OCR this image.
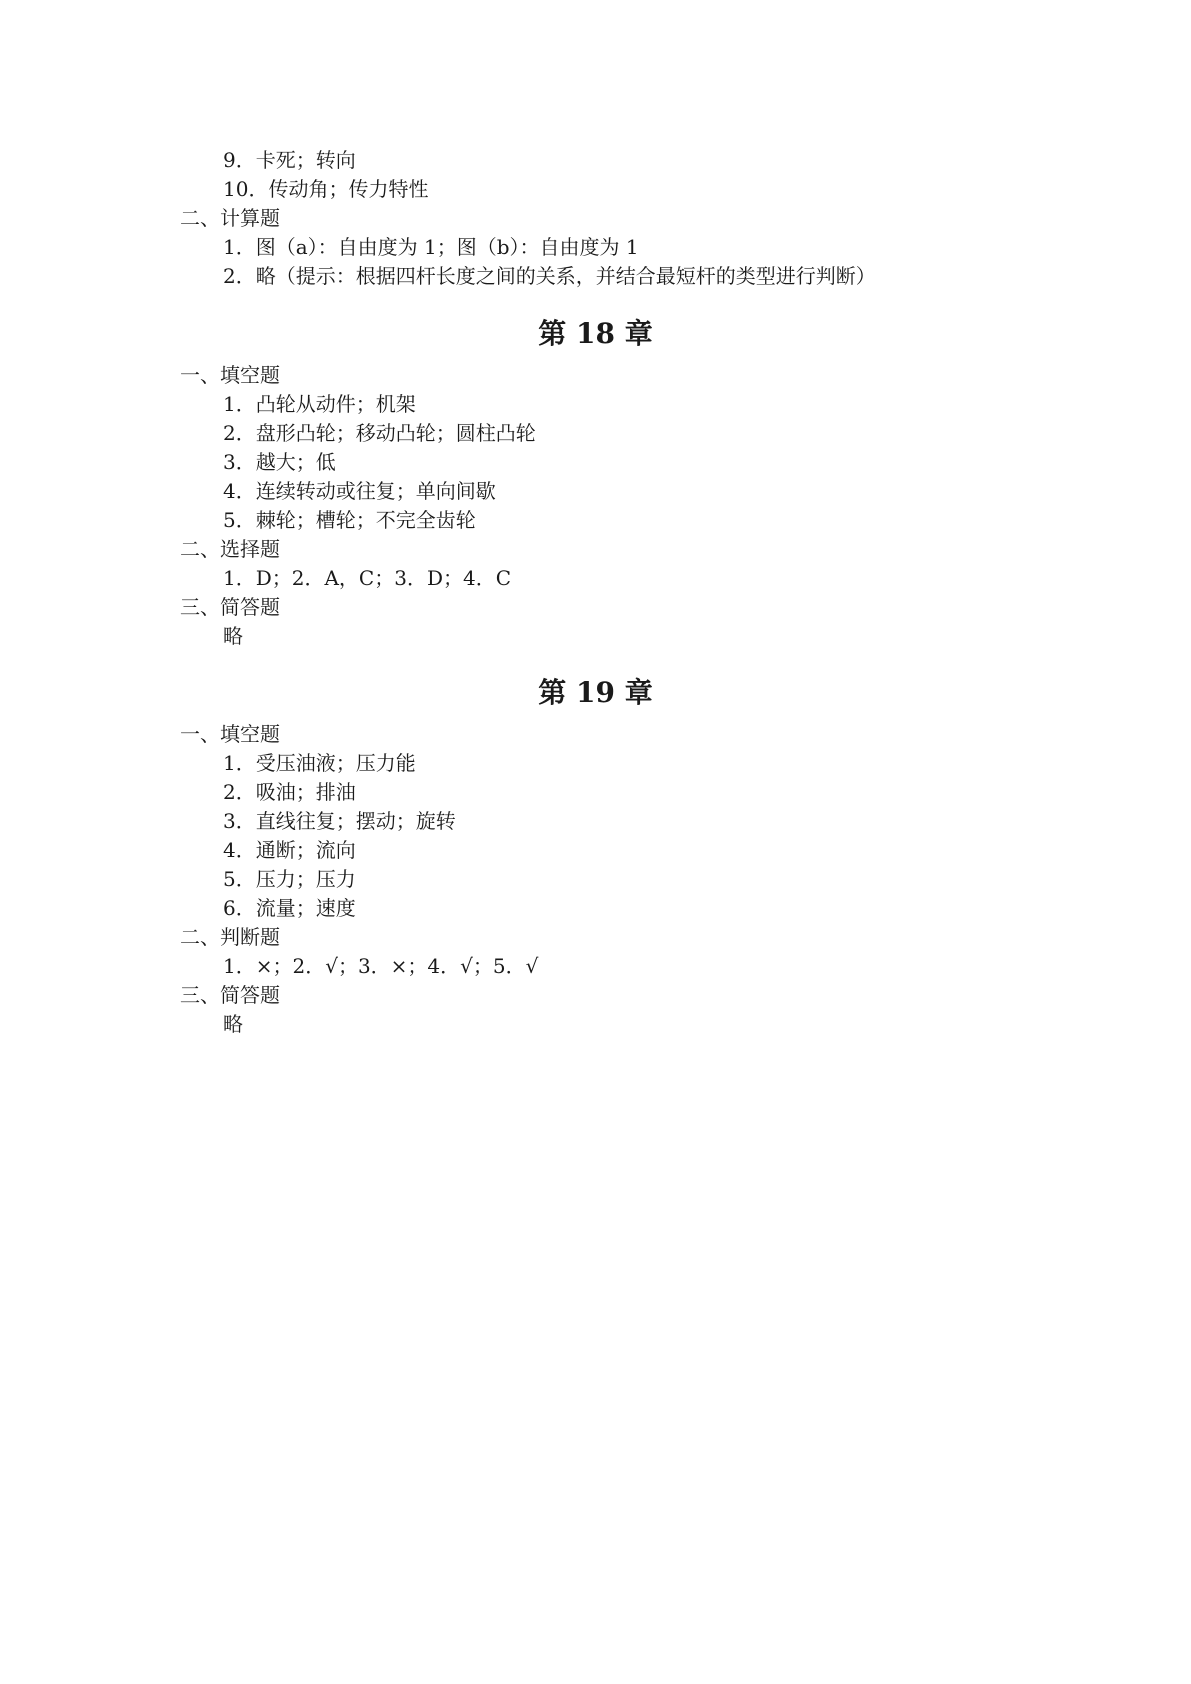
9．卡死；转向
10．传动角；传力特性
二、计算题
1．图（a）：自由度为 1；图（b）：自由度为 1
2．略（提示：根据四杆长度之间的关系，并结合最短杆的类型进行判断）
第 18 章
一、填空题
1．凸轮从动件；机架
2．盘形凸轮；移动凸轮；圆柱凸轮
3．越大；低
4．连续转动或往复；单向间歇
5．棘轮；槽轮；不完全齿轮
二、选择题
1．D；2．A，C；3．D；4．C
三、简答题
略
第 19 章
一、填空题
1．受压油液；压力能
2．吸油；排油
3．直线往复；摆动；旋转
4．通断；流向
5．压力；压力
6．流量；速度
二、判断题
1．×；2．√；3．×；4．√；5．√
三、简答题
略
